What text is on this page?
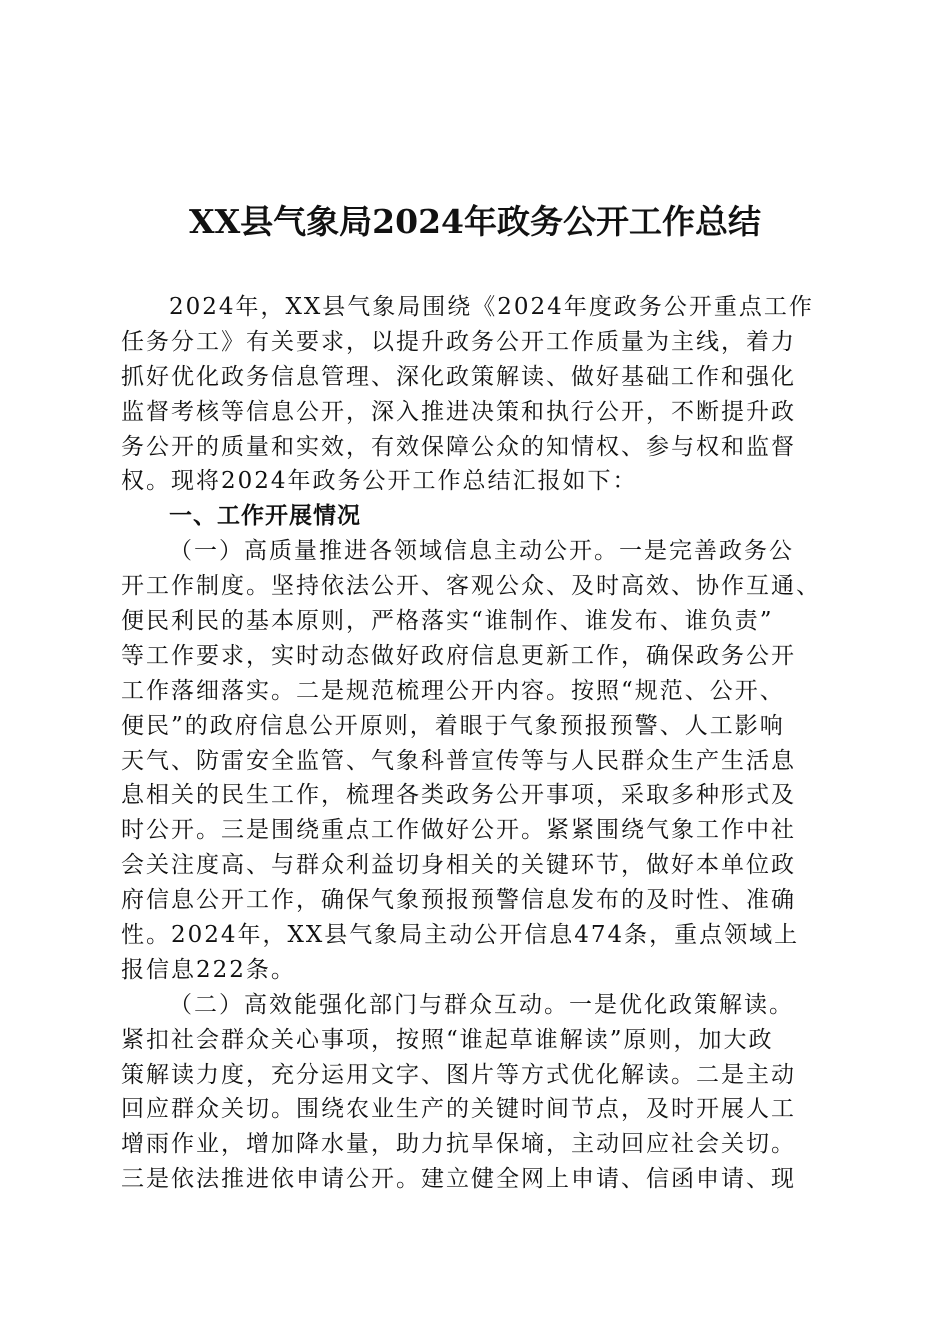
XX县气象局2024年政务公开工作总结
2024年，XX县气象局围绕《2024年度政务公开重点工作
任务分工》有关要求，以提升政务公开工作质量为主线，着力
抓好优化政务信息管理、深化政策解读、做好基础工作和强化
监督考核等信息公开，深入推进决策和执行公开，不断提升政
务公开的质量和实效，有效保障公众的知情权、参与权和监督
权。现将2024年政务公开工作总结汇报如下：
一、工作开展情况
（一）高质量推进各领域信息主动公开。一是完善政务公
开工作制度。坚持依法公开、客观公众、及时高效、协作互通、
便民利民的基本原则，严格落实“谁制作、谁发布、谁负责”
等工作要求，实时动态做好政府信息更新工作，确保政务公开
工作落细落实。二是规范梳理公开内容。按照“规范、公开、
便民”的政府信息公开原则，着眼于气象预报预警、人工影响
天气、防雷安全监管、气象科普宣传等与人民群众生产生活息
息相关的民生工作，梳理各类政务公开事项，采取多种形式及
时公开。三是围绕重点工作做好公开。紧紧围绕气象工作中社
会关注度高、与群众利益切身相关的关键环节，做好本单位政
府信息公开工作，确保气象预报预警信息发布的及时性、准确
性。2024年，XX县气象局主动公开信息474条，重点领域上
报信息222条。
（二）高效能强化部门与群众互动。一是优化政策解读。
紧扣社会群众关心事项，按照“谁起草谁解读”原则，加大政
策解读力度，充分运用文字、图片等方式优化解读。二是主动
回应群众关切。围绕农业生产的关键时间节点，及时开展人工
增雨作业，增加降水量，助力抗旱保墒，主动回应社会关切。
三是依法推进依申请公开。建立健全网上申请、信函申请、现
